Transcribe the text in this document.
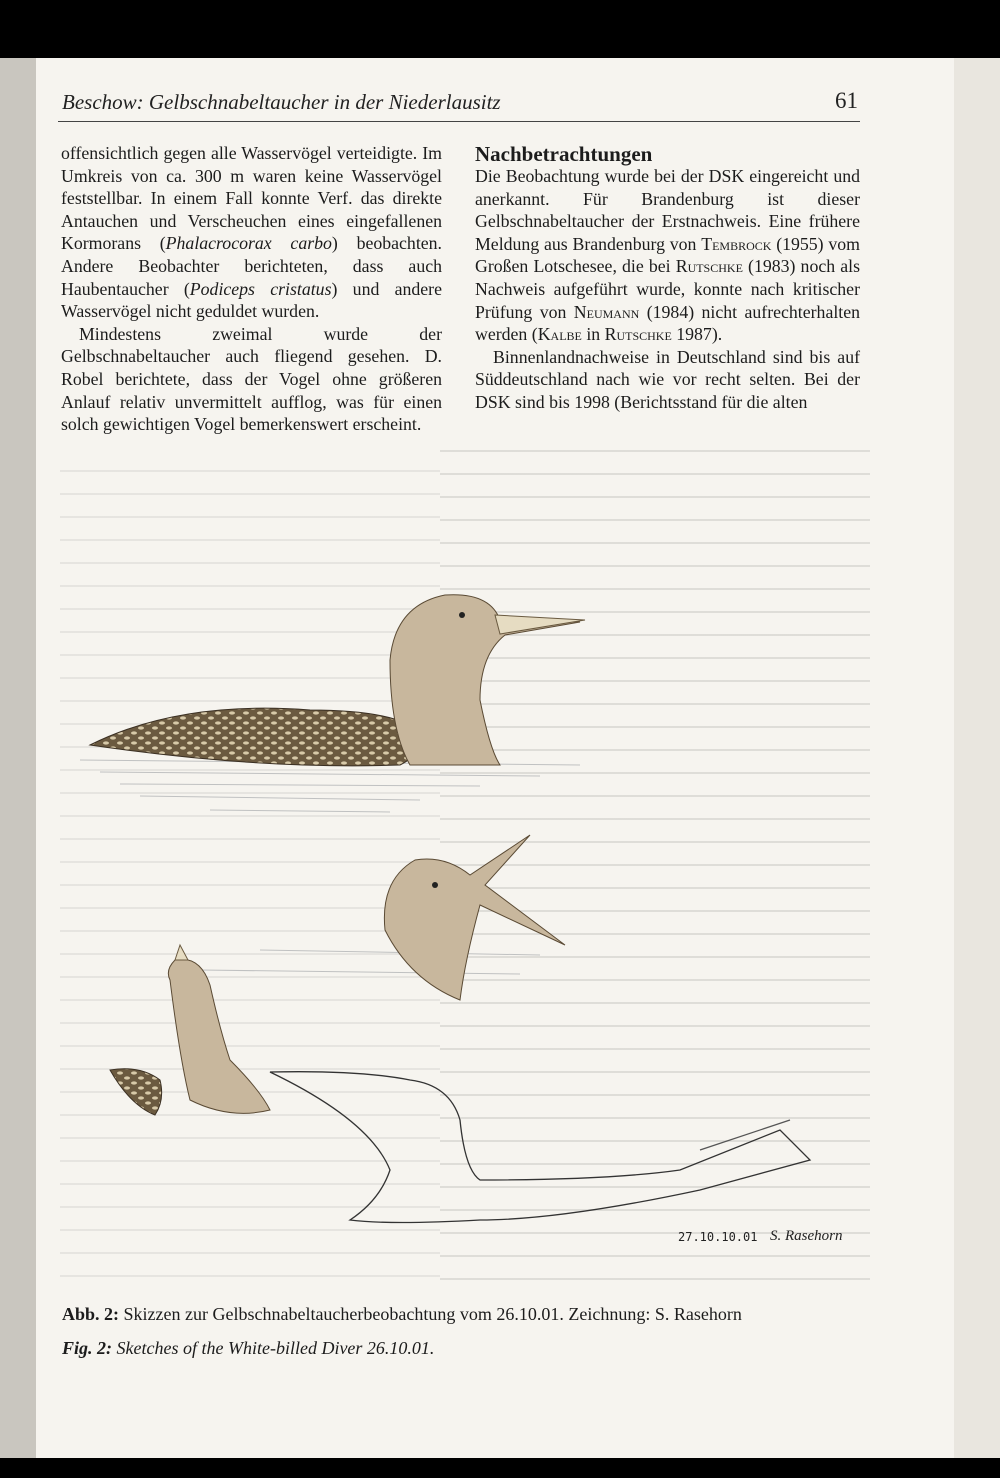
Beschow: Gelbschnabeltaucher in der Niederlausitz	61

offensichtlich gegen alle Wasservögel verteidigte. Im Umkreis von ca. 300 m waren keine Wasservögel feststellbar. In einem Fall konnte Verf. das direkte Antauchen und Verscheuchen eines eingefallenen Kormorans (Phalacrocorax carbo) beobachten. Andere Beobachter berichteten, dass auch Haubentaucher (Podiceps cristatus) und andere Wasservögel nicht geduldet wurden.

Mindestens zweimal wurde der Gelbschnabeltaucher auch fliegend gesehen. D. Robel berichtete, dass der Vogel ohne größeren Anlauf relativ unvermittelt aufflog, was für einen solch gewichtigen Vogel bemerkenswert erscheint.

Nachbetrachtungen

Die Beobachtung wurde bei der DSK eingereicht und anerkannt. Für Brandenburg ist dieser Gelbschnabeltaucher der Erstnachweis. Eine frühere Meldung aus Brandenburg von Tembrock (1955) vom Großen Lotschesee, die bei Rutschke (1983) noch als Nachweis aufgeführt wurde, konnte nach kritischer Prüfung von Neumann (1984) nicht aufrechterhalten werden (Kalbe in Rutschke 1987).

Binnenlandnachweise in Deutschland sind bis auf Süddeutschland nach wie vor recht selten. Bei der DSK sind bis 1998 (Berichtsstand für die alten

27.10.10.01 S. Rasehorn
Abb. 2: Skizzen zur Gelbschnabeltaucherbeobachtung vom 26.10.01. Zeichnung: S. Rasehorn
Fig. 2: Sketches of the White-billed Diver 26.10.01.
